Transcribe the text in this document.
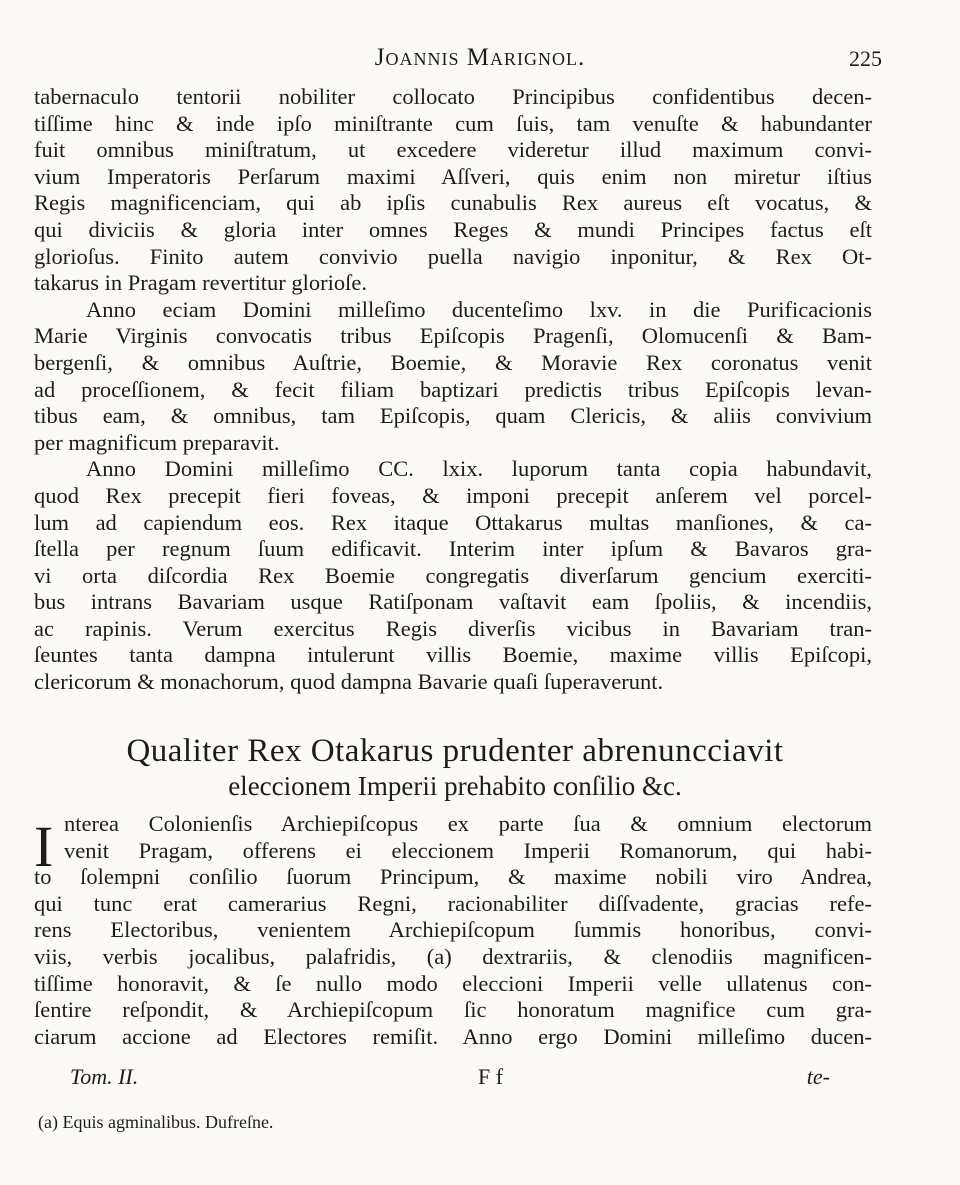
Joannis Marignol.	225
tabernaculo tentorii nobiliter collocato Principibus confidentibus decen-
tiſſime hinc & inde ipſo miniſtrante cum ſuis, tam venuſte & habundanter
fuit omnibus miniſtratum, ut excedere videretur illud maximum convi-
vium Imperatoris Perſarum maximi Aſſveri, quis enim non miretur iſtius
Regis magnificenciam, qui ab ipſis cunabulis Rex aureus eſt vocatus, &
qui diviciis & gloria inter omnes Reges & mundi Principes factus eſt
glorioſus. Finito autem convivio puella navigio inponitur, & Rex Ot-
takarus in Pragam revertitur glorioſe.
Anno eciam Domini milleſimo ducenteſimo lxv. in die Purificacionis
Marie Virginis convocatis tribus Epiſcopis Pragenſi, Olomucenſi & Bam-
bergenſi, & omnibus Auſtrie, Boemie, & Moravie Rex coronatus venit
ad proceſſionem, & fecit filiam baptizari predictis tribus Epiſcopis levan-
tibus eam, & omnibus, tam Epiſcopis, quam Clericis, & aliis convivium
per magnificum preparavit.
Anno Domini milleſimo CC. lxix. luporum tanta copia habundavit,
quod Rex precepit fieri foveas, & imponi precepit anſerem vel porcel-
lum ad capiendum eos. Rex itaque Ottakarus multas manſiones, & ca-
ſtella per regnum ſuum edificavit. Interim inter ipſum & Bavaros gra-
vi orta diſcordia Rex Boemie congregatis diverſarum gencium exerciti-
bus intrans Bavariam usque Ratiſponam vaſtavit eam ſpoliis, & incendiis,
ac rapinis. Verum exercitus Regis diverſis vicibus in Bavariam tran-
ſeuntes tanta dampna intulerunt villis Boemie, maxime villis Epiſcopi,
clericorum & monachorum, quod dampna Bavarie quaſi ſuperaverunt.
Qualiter Rex Otakarus prudenter abrenuncciavit
eleccionem Imperii prehabito conſilio &c.
I nterea Colonienſis Archiepiſcopus ex parte ſua & omnium electorum
venit Pragam, offerens ei eleccionem Imperii Romanorum, qui habi-
to ſolempni conſilio ſuorum Principum, & maxime nobili viro Andrea,
qui tunc erat camerarius Regni, racionabiliter diſſvadente, gracias refe-
rens Electoribus, venientem Archiepiſcopum ſummis honoribus, convi-
viis, verbis jocalibus, palafridis, (a) dextrariis, & clenodiis magnificen-
tiſſime honoravit, & ſe nullo modo eleccioni Imperii velle ullatenus con-
ſentire reſpondit, & Archiepiſcopum ſic honoratum magnifice cum gra-
ciarum accione ad Electores remiſit. Anno ergo Domini milleſimo ducen-
Tom. II.	F f	te-
(a) Equis agminalibus. Dufreſne.
